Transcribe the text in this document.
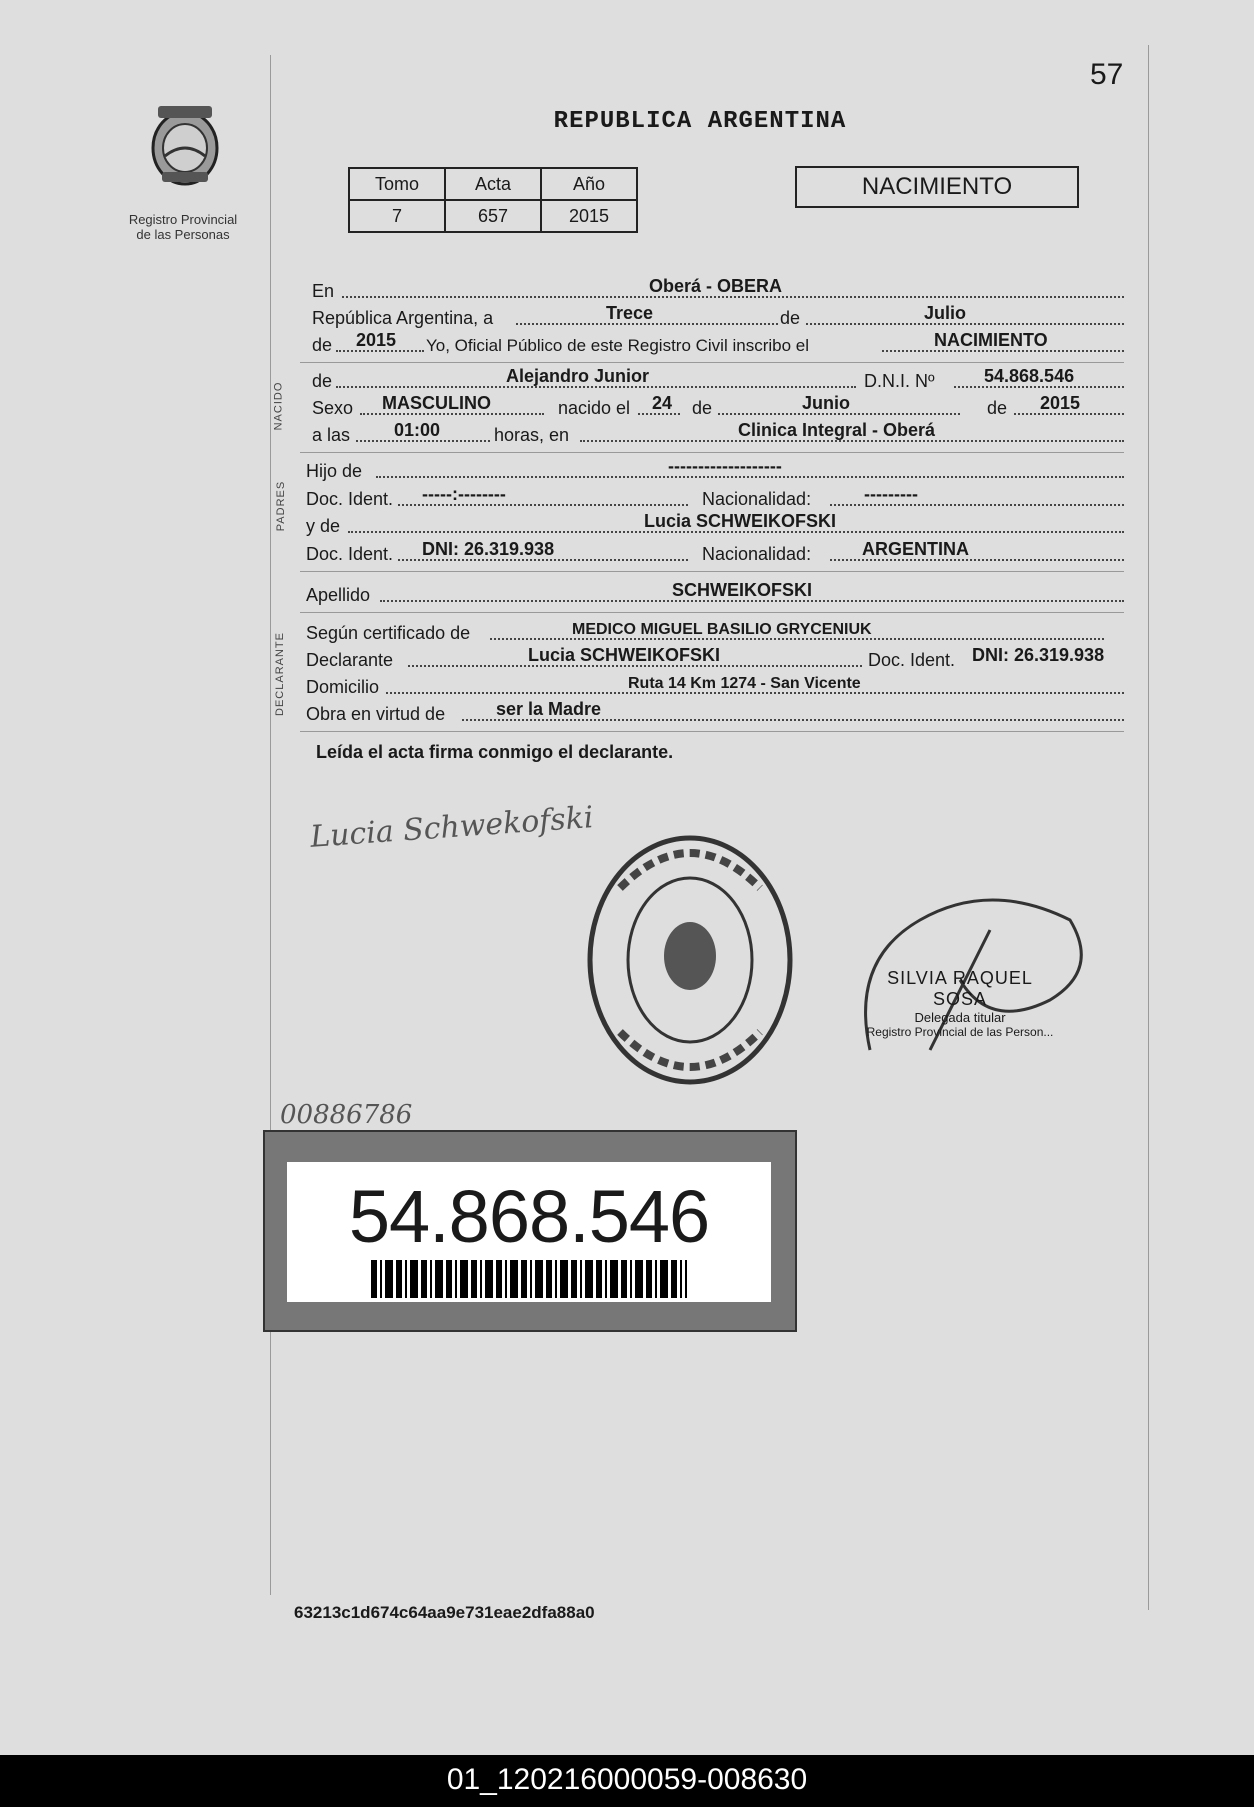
57
Registro Provincial
de las Personas
REPUBLICA ARGENTINA
Tomo	Acta	Año
7	657	2015
NACIMIENTO
En	Oberá - OBERA
República Argentina, a	Trece	de	Julio
de 2015 Yo, Oficial Público de este Registro Civil inscribo el	NACIMIENTO
NACIDO
de	Alejandro Junior	D.N.I. Nº	54.868.546
Sexo MASCULINO	nacido el 24 de	Junio	de 2015
a las 01:00	horas, en	Clinica Integral - Oberá
PADRES
Hijo de	-------------------
Doc. Ident. -----:--------	Nacionalidad:	---------
y de	Lucia SCHWEIKOFSKI
Doc. Ident. DNI: 26.319.938	Nacionalidad:	ARGENTINA
Apellido	SCHWEIKOFSKI
DECLARANTE Según certificado de	MEDICO MIGUEL BASILIO GRYCENIUK
Declarante	Lucia SCHWEIKOFSKI	Doc. Ident. DNI: 26.319.938
Domicilio	Ruta 14 Km 1274 - San Vicente
Obra en virtud de	ser la Madre
Leída el acta firma conmigo el declarante.
Lucia Schwekofski
SILVIA RAQUEL SOSA
Delegada titular
Registro Provincial de las Person...
00886786
54.868.546
63213c1d674c64aa9e731eae2dfa88a0
01_120216000059-008630
